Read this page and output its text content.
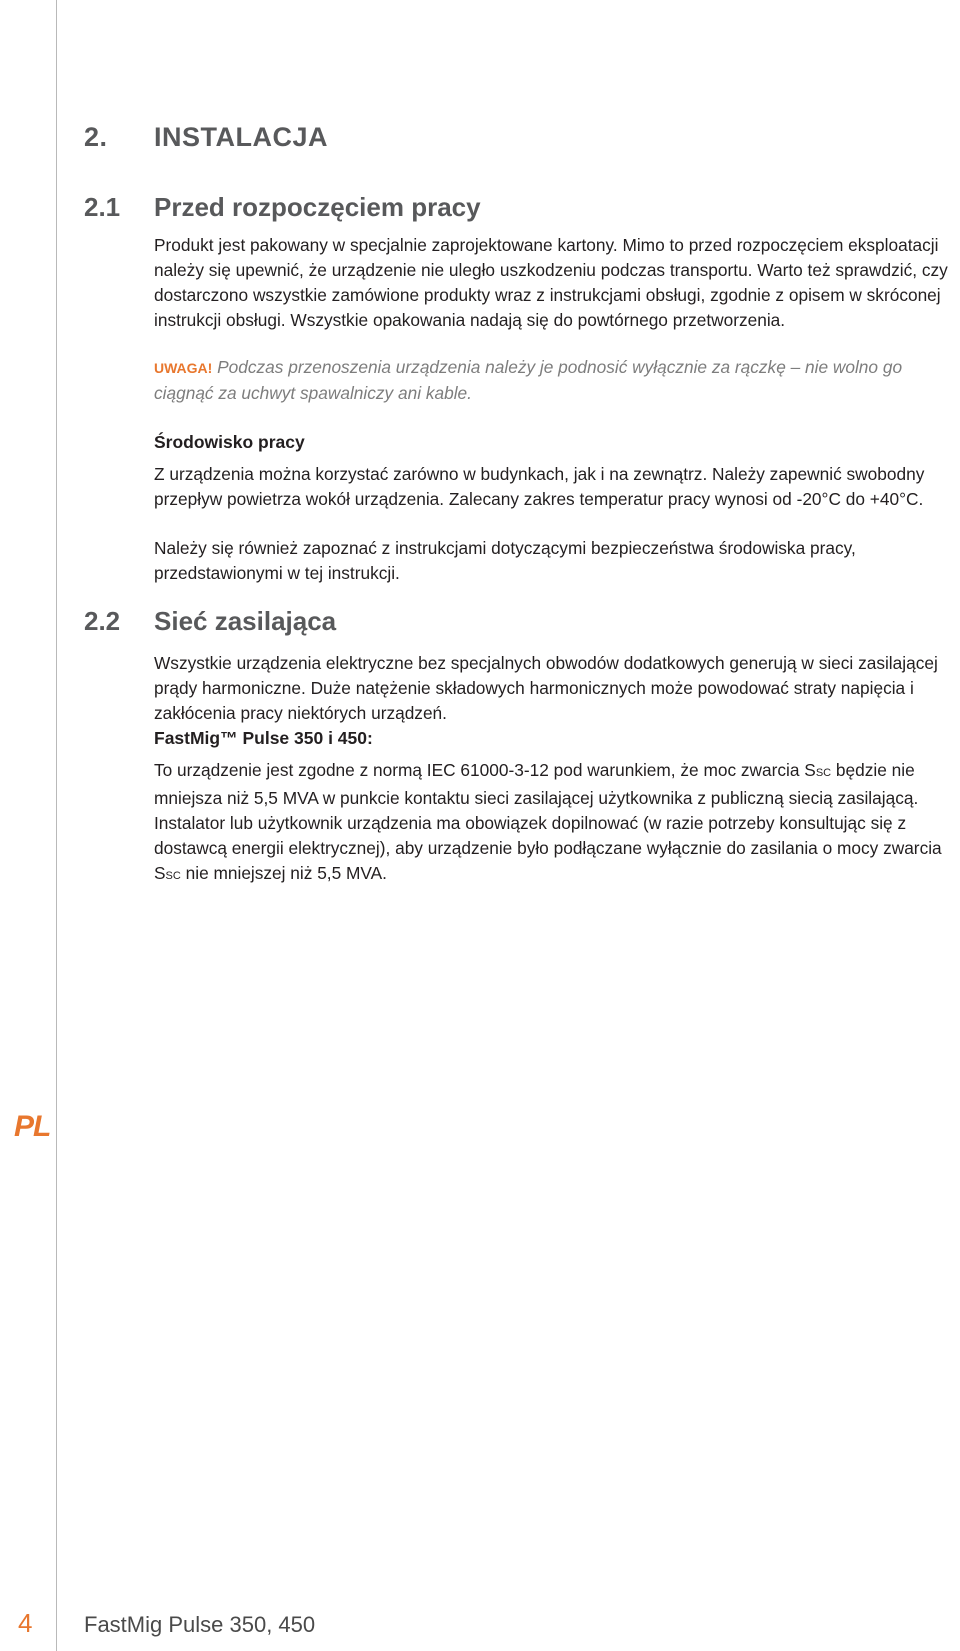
2. INSTALACJA
2.1 Przed rozpoczęciem pracy

Produkt jest pakowany w specjalnie zaprojektowane kartony. Mimo to przed rozpoczęciem eksploatacji należy się upewnić, że urządzenie nie uległo uszkodzeniu podczas transportu. Warto też sprawdzić, czy dostarczono wszystkie zamówione produkty wraz z instrukcjami obsługi, zgodnie z opisem w skróconej instrukcji obsługi. Wszystkie opakowania nadają się do powtórnego przetworzenia.

UWAGA! Podczas przenoszenia urządzenia należy je podnosić wyłącznie za rączkę – nie wolno go ciągnąć za uchwyt spawalniczy ani kable.

Środowisko pracy

Z urządzenia można korzystać zarówno w budynkach, jak i na zewnątrz. Należy zapewnić swobodny przepływ powietrza wokół urządzenia. Zalecany zakres temperatur pracy wynosi od -20°C do +40°C.

Należy się również zapoznać z instrukcjami dotyczącymi bezpieczeństwa środowiska pracy, przedstawionymi w tej instrukcji.

2.2 Sieć zasilająca

Wszystkie urządzenia elektryczne bez specjalnych obwodów dodatkowych generują w sieci zasilającej prądy harmoniczne. Duże natężenie składowych harmonicznych może powodować straty napięcia i zakłócenia pracy niektórych urządzeń.

FastMig™ Pulse 350 i 450:

To urządzenie jest zgodne z normą IEC 61000-3-12 pod warunkiem, że moc zwarcia SSC będzie nie mniejsza niż 5,5 MVA w punkcie kontaktu sieci zasilającej użytkownika z publiczną siecią zasilającą. Instalator lub użytkownik urządzenia ma obowiązek dopilnować (w razie potrzeby konsultując się z dostawcą energii elektrycznej), aby urządzenie było podłączane wyłącznie do zasilania o mocy zwarcia SSC nie mniejszej niż 5,5 MVA.

PL
4 FastMig Pulse 350, 450
